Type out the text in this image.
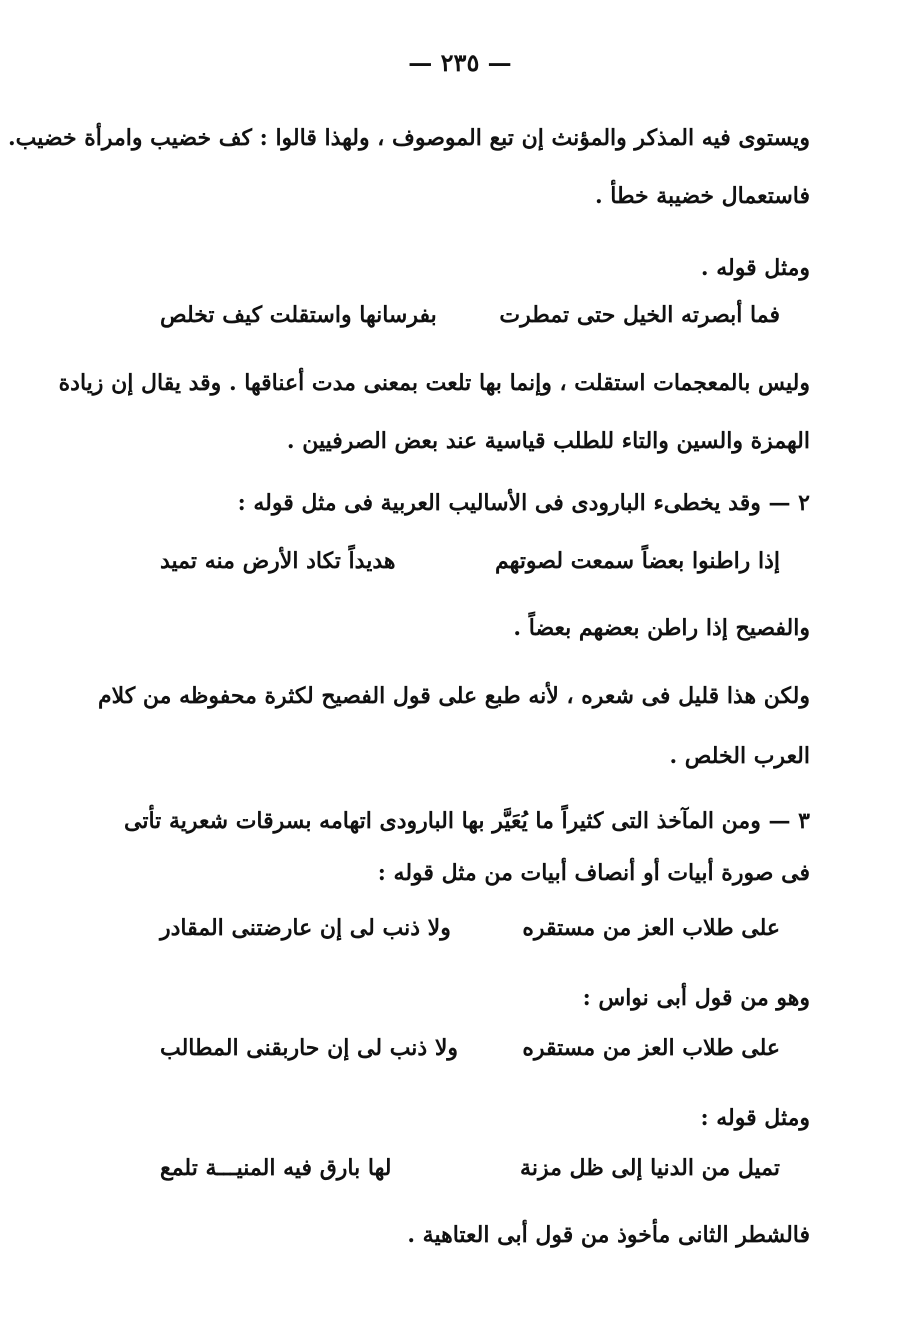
— ٢٣٥ —
ويستوى فيه المذكر والمؤنث إن تبع الموصوف ، ولهذا قالوا : كف خضيب وامرأة خضيب.
فاستعمال خضيبة خطأ .
ومثل قوله .
فما أبصرته الخيل حتى تمطرت
بفرسانها واستقلت كيف تخلص
وليس بالمعجمات استقلت ، وإنما بها تلعت بمعنى مدت أعناقها . وقد يقال إن زيادة
الهمزة والسين والتاء للطلب قياسية عند بعض الصرفيين .
٢ — وقد يخطىء البارودى فى الأساليب العربية فى مثل قوله :
إذا راطنوا بعضاً سمعت لصوتهم
هديداً تكاد الأرض منه تميد
والفصيح إذا راطن بعضهم بعضاً .
ولكن هذا قليل فى شعره ، لأنه طبع على قول الفصيح لكثرة محفوظه من كلام
العرب الخلص .
٣ — ومن المآخذ التى كثيراً ما يُعَيَّر بها البارودى اتهامه بسرقات شعرية تأتى
فى صورة أبيات أو أنصاف أبيات من مثل قوله :
على طلاب العز من مستقره
ولا ذنب لى إن عارضتنى المقادر
وهو من قول أبى نواس :
على طلاب العز من مستقره
ولا ذنب لى إن حاربقنى المطالب
ومثل قوله :
تميل من الدنيا إلى ظل مزنة
لها بارق فيه المنيـــة تلمع
فالشطر الثانى مأخوذ من قول أبى العتاهية .
